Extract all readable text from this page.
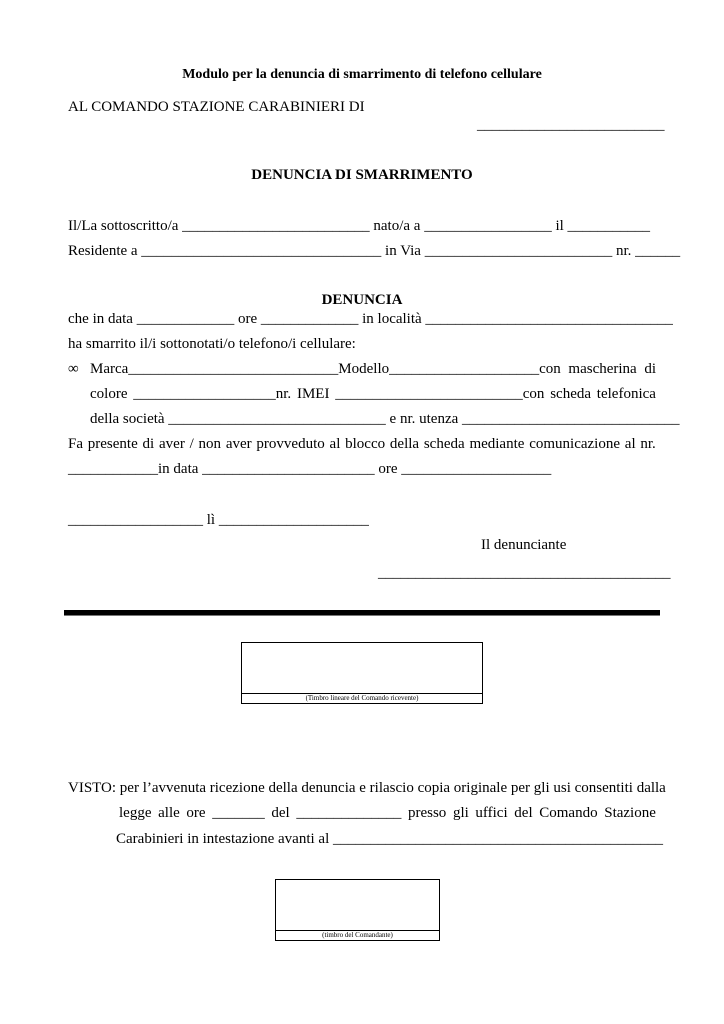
Modulo per la denuncia di smarrimento di telefono cellulare
AL COMANDO STAZIONE CARABINIERI DI
_________________________
DENUNCIA DI SMARRIMENTO
Il/La sottoscritto/a _________________________ nato/a a _________________ il ___________
Residente a ________________________________ in Via _________________________ nr. ______
DENUNCIA
che in data _____________ ore _____________ in località _________________________________
ha smarrito il/i sottonotati/o telefono/i cellulare:
∞ Marca____________________________Modello____________________con mascherina di
colore ___________________nr. IMEI _________________________con scheda telefonica
della società _____________________________ e nr. utenza _____________________________
Fa presente di aver / non aver provveduto al blocco della scheda mediante comunicazione al nr.
____________in data _______________________ ore ____________________
__________________ lì ____________________
Il denunciante
_______________________________________
(Timbro lineare del Comando ricevente)
VISTO: per l’avvenuta ricezione della denuncia e rilascio copia originale per gli usi consentiti dalla
legge alle ore _______ del ______________ presso gli uffici del Comando Stazione
Carabinieri in intestazione avanti al ____________________________________________
(timbro del Comandante)
